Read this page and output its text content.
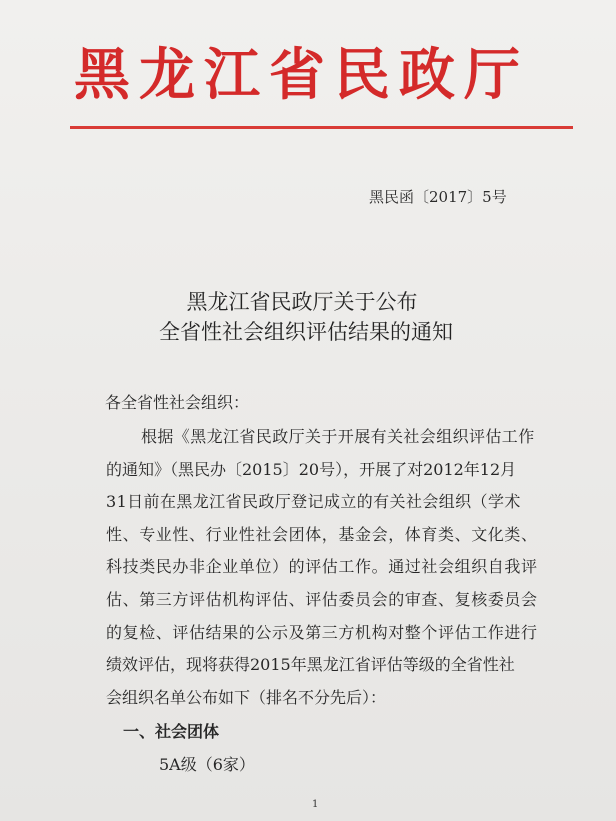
黑龙江省民政厅
黑民函〔2017〕5号
黑龙江省民政厅关于公布
全省性社会组织评估结果的通知
各全省性社会组织：
根据《黑龙江省民政厅关于开展有关社会组织评估工作
的通知》（黑民办〔2015〕20号），开展了对2012年12月
31日前在黑龙江省民政厅登记成立的有关社会组织（学术
性、专业性、行业性社会团体，基金会，体育类、文化类、
科技类民办非企业单位）的评估工作。通过社会组织自我评
估、第三方评估机构评估、评估委员会的审查、复核委员会
的复检、评估结果的公示及第三方机构对整个评估工作进行
绩效评估，现将获得2015年黑龙江省评估等级的全省性社
会组织名单公布如下（排名不分先后）：
一、社会团体
5A级（6家）
1
